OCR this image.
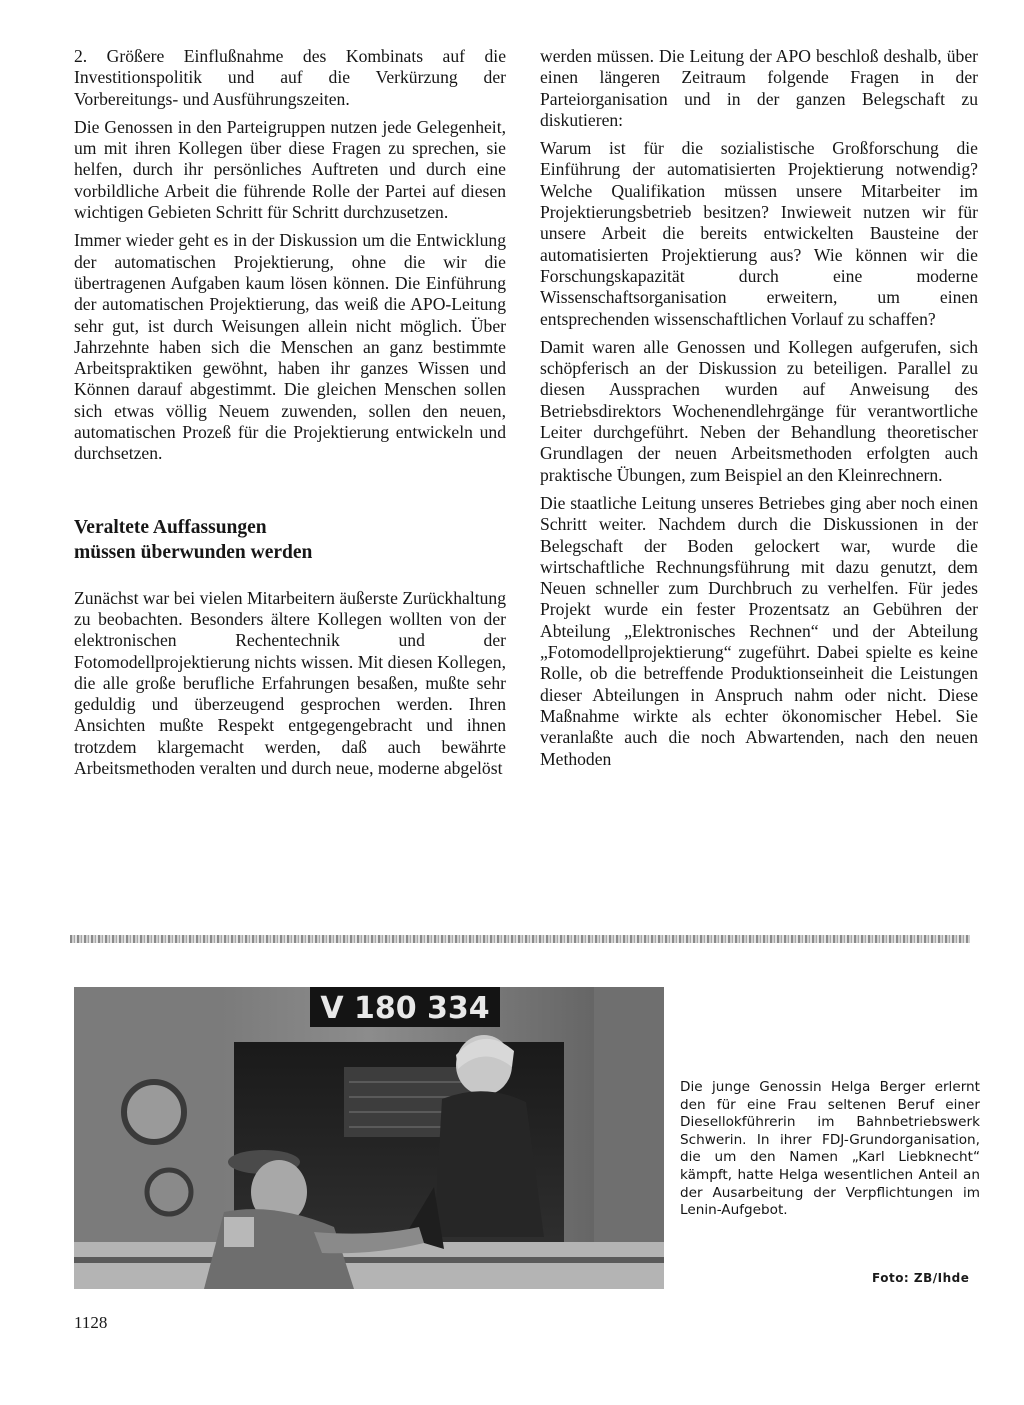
2. Größere Einflußnahme des Kombinats auf die Investitionspolitik und auf die Verkürzung der Vorbereitungs- und Ausführungszeiten.

Die Genossen in den Parteigruppen nutzen jede Gelegenheit, um mit ihren Kollegen über diese Fragen zu sprechen, sie helfen, durch ihr persönliches Auftreten und durch eine vorbildliche Arbeit die führende Rolle der Partei auf diesen wichtigen Gebieten Schritt für Schritt durchzusetzen.

Immer wieder geht es in der Diskussion um die Entwicklung der automatischen Projektierung, ohne die wir die übertragenen Aufgaben kaum lösen können. Die Einführung der automatischen Projektierung, das weiß die APO-Leitung sehr gut, ist durch Weisungen allein nicht möglich. Über Jahrzehnte haben sich die Menschen an ganz bestimmte Arbeitspraktiken gewöhnt, haben ihr ganzes Wissen und Können darauf abgestimmt. Die gleichen Menschen sollen sich etwas völlig Neuem zuwenden, sollen den neuen, automatischen Prozeß für die Projektierung entwickeln und durchsetzen.

Veraltete Auffassungen
müssen überwunden werden

Zunächst war bei vielen Mitarbeitern äußerste Zurückhaltung zu beobachten. Besonders ältere Kollegen wollten von der elektronischen Rechentechnik und der Fotomodellprojektierung nichts wissen. Mit diesen Kollegen, die alle große berufliche Erfahrungen besaßen, mußte sehr geduldig und überzeugend gesprochen werden. Ihren Ansichten mußte Respekt entgegengebracht und ihnen trotzdem klargemacht werden, daß auch bewährte Arbeitsmethoden veralten und durch neue, moderne abgelöst

werden müssen. Die Leitung der APO beschloß deshalb, über einen längeren Zeitraum folgende Fragen in der Parteiorganisation und in der ganzen Belegschaft zu diskutieren:

Warum ist für die sozialistische Großforschung die Einführung der automatisierten Projektierung notwendig? Welche Qualifikation müssen unsere Mitarbeiter im Projektierungsbetrieb besitzen? Inwieweit nutzen wir für unsere Arbeit die bereits entwickelten Bausteine der automatisierten Projektierung aus? Wie können wir die Forschungskapazität durch eine moderne Wissenschaftsorganisation erweitern, um einen entsprechenden wissenschaftlichen Vorlauf zu schaffen?

Damit waren alle Genossen und Kollegen aufgerufen, sich schöpferisch an der Diskussion zu beteiligen. Parallel zu diesen Aussprachen wurden auf Anweisung des Betriebsdirektors Wochenendlehrgänge für verantwortliche Leiter durchgeführt. Neben der Behandlung theoretischer Grundlagen der neuen Arbeitsmethoden erfolgten auch praktische Übungen, zum Beispiel an den Kleinrechnern.

Die staatliche Leitung unseres Betriebes ging aber noch einen Schritt weiter. Nachdem durch die Diskussionen in der Belegschaft der Boden gelockert war, wurde die wirtschaftliche Rechnungsführung mit dazu genutzt, dem Neuen schneller zum Durchbruch zu verhelfen. Für jedes Projekt wurde ein fester Prozentsatz an Gebühren der Abteilung „Elektronisches Rechnen“ und der Abteilung „Fotomodellprojektierung“ zugeführt. Dabei spielte es keine Rolle, ob die betreffende Produktionseinheit die Leistungen dieser Abteilungen in Anspruch nahm oder nicht. Diese Maßnahme wirkte als echter ökonomischer Hebel. Sie veranlaßte auch die noch Abwartenden, nach den neuen Methoden

V 180 334
Die junge Genossin Helga Berger erlernt den für eine Frau seltenen Beruf einer Diesellokführerin im Bahnbetriebswerk Schwerin. In ihrer FDJ-Grundorganisation, die um den Namen „Karl Liebknecht“ kämpft, hatte Helga wesentlichen Anteil an der Ausarbeitung der Verpflichtungen im Lenin-Aufgebot.
Foto: ZB/Ihde
1128
